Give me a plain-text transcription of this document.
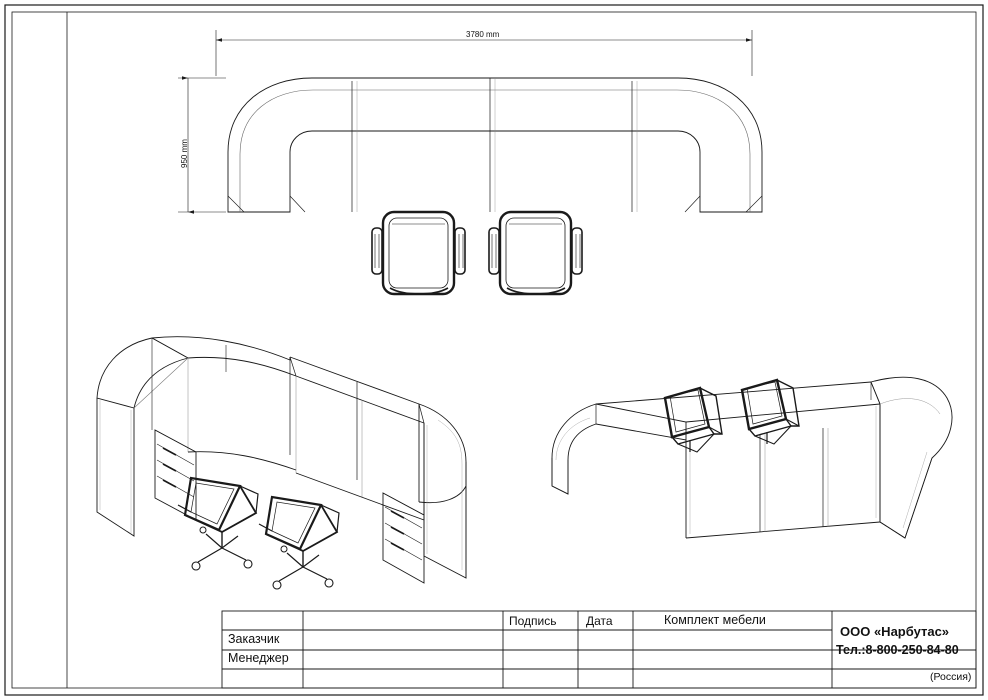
3780 mm
950 mm
Заказчик
Менеджер
Подпись Дата	Комплект мебели
ООО «Нарбутас»
Тел.:8-800-250-84-80
(Россия)
